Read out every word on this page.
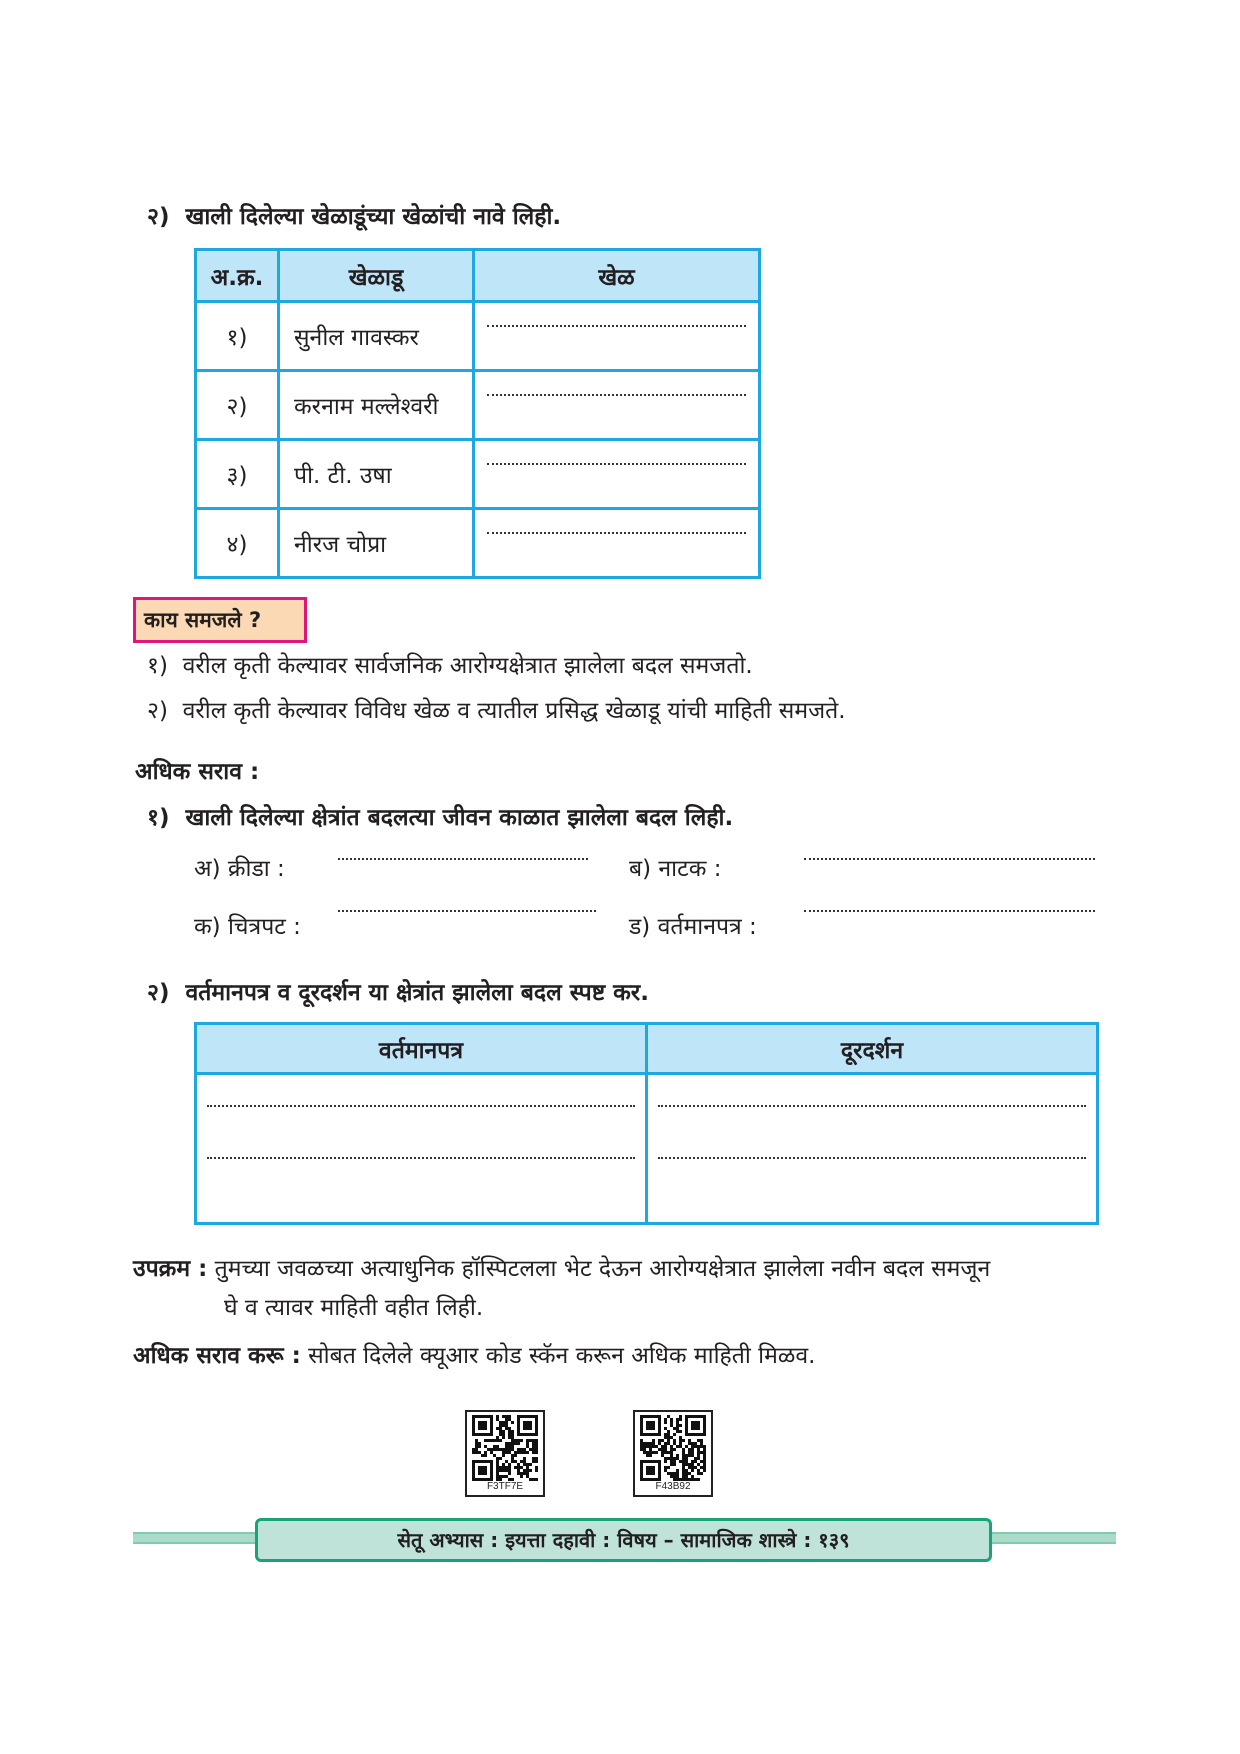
२) खाली दिलेल्या खेळाडूंच्या खेळांची नावे लिही.
अ.क्र.	खेळाडू	खेळ
१)	सुनील गावस्कर	

२)	करनाम मल्लेश्वरी	

३)	पी. टी. उषा	

४)	नीरज चोप्रा	
काय समजले ?
१) वरील कृती केल्यावर सार्वजनिक आरोग्यक्षेत्रात झालेला बदल समजतो.
२) वरील कृती केल्यावर विविध खेळ व त्यातील प्रसिद्ध खेळाडू यांची माहिती समजते.
अधिक सराव :
१) खाली दिलेल्या क्षेत्रांत बदलत्या जीवन काळात झालेला बदल लिही.
अ) क्रीडा :	ब) नाटक :
क) चित्रपट :	ड) वर्तमानपत्र :
२) वर्तमानपत्र व दूरदर्शन या क्षेत्रांत झालेला बदल स्पष्ट कर.
वर्तमानपत्र	दूरदर्शन

उपक्रम : तुमच्या जवळच्या अत्याधुनिक हॉस्पिटलला भेट देऊन आरोग्यक्षेत्रात झालेला नवीन बदल समजून
घे व त्यावर माहिती वहीत लिही.
अधिक सराव करू : सोबत दिलेले क्यूआर कोड स्कॅन करून अधिक माहिती मिळव.
F3TF7E	F43B92
सेतू अभ्यास : इयत्ता दहावी : विषय – सामाजिक शास्त्रे : १३९
